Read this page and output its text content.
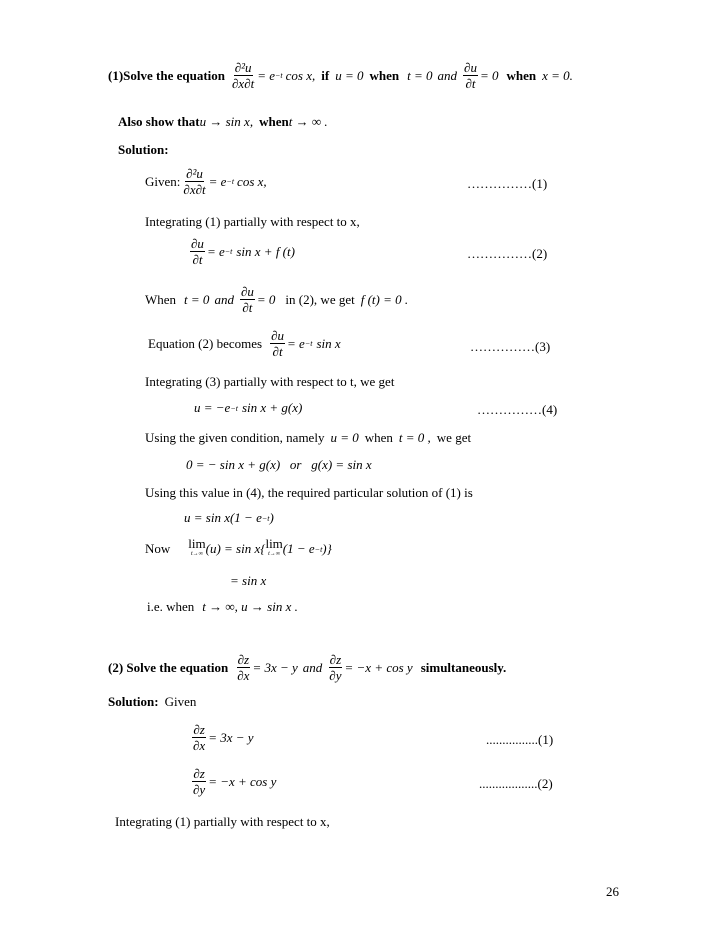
(1)Solve the equation $\frac{\text{∂²u}}{\partial x\partial t} = e -t$ cos x, if u = 0 when t = 0 and $\frac{\partial u}{\partial t} = 0$ when x = 0.
Also show that u → sin x, when t → ∞ .
Solution:
Given: $\frac{\text{∂²u}}{\partial x\partial t} = e -t$ cos x,	……………(1)
Integrating (1) partially with respect to x,
$\frac{\partial u}{\partial t} = e -t$ sin x + f (t)	……………(2)
When t = 0 and $\frac{\partial u}{\partial t} = 0$ in (2), we get f (t) = 0 .
Equation (2) becomes $\frac{\partial u}{\partial t} = e -t$ sin x	……………(3)
Integrating (3) partially with respect to t, we get
u = −e −t sin x + g(x)	……………(4)
Using the given condition, namely u = 0 when t = 0 , we get
0 = − sin x + g(x)   or   g(x) = sin x
Using this value in (4), the required particular solution of (1) is
u = sin x(1 − e −t )
Now lim
t→∞ (u) = sin x{ lim
t→∞ (1 − e −t )}
= sin x
i.e. when t → ∞, u → sin x .
(2) Solve the equation $\frac{\partial z}{\partial x} = 3x - y$ and $\frac{\partial z}{\partial y} = -x + \cos y$ simultaneously.
Solution: Given
$\frac{\partial z}{\partial x} = 3x - y$	................(1)
$\frac{\partial z}{\partial y} = -x + \cos y$	..................(2)
Integrating (1) partially with respect to x,
26
